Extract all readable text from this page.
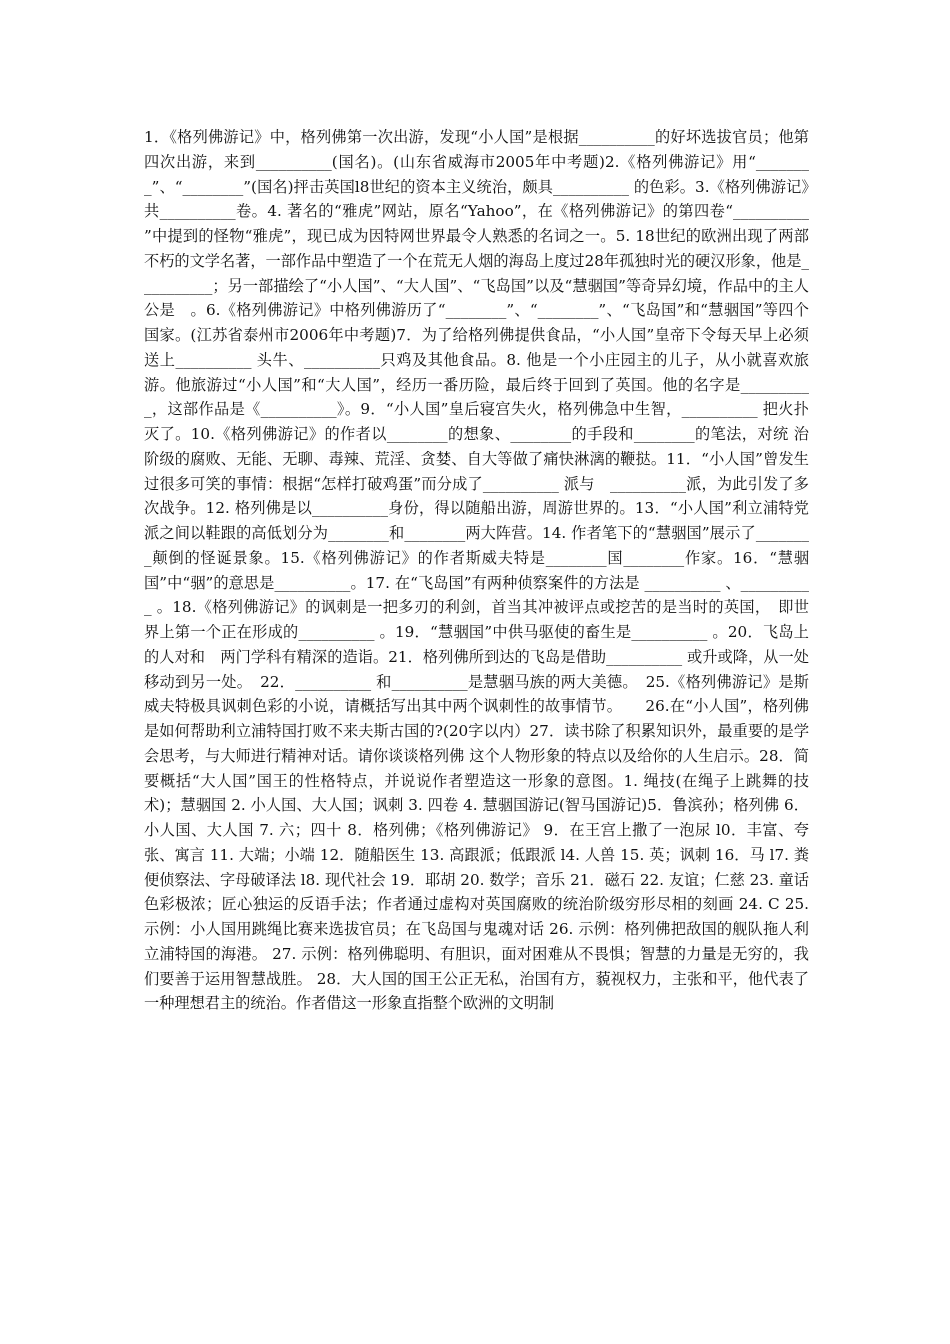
1．《格列佛游记》中，格列佛第一次出游，发现“小人国”是根据__________的好坏选拔官员；他第四次出游，来到__________(国名)。(山东省威海市2005年中考题)2.《格列佛游记》用“________”、“________”(国名)抨击英国l8世纪的资本主义统治，颇具__________ 的色彩。3.《格列佛游记》共__________卷。4. 著名的“雅虎”网站，原名“Yahoo”，在《格列佛游记》的第四卷“__________ ”中提到的怪物“雅虎”，现已成为因特网世界最令人熟悉的名词之一。5. 18世纪的欧洲出现了两部不朽的文学名著，一部作品中塑造了一个在荒无人烟的海岛上度过28年孤独时光的硬汉形象，他是__________；另一部描绘了“小人国”、“大人国”、“飞岛国”以及“慧骃国”等奇异幻境，作品中的主人公是　。6.《格列佛游记》中格列佛游历了“________”、“________”、“飞岛国”和“慧骃国”等四个国家。(江苏省泰州市2006年中考题)7．为了给格列佛提供食品，“小人国”皇帝下令每天早上必须送上__________ 头牛、__________只鸡及其他食品。8. 他是一个小庄园主的儿子，从小就喜欢旅游。他旅游过“小人国”和“大人国”，经历一番历险，最后终于回到了英国。他的名字是__________，这部作品是《__________》。9．“小人国”皇后寝宫失火，格列佛急中生智，__________ 把火扑灭了。10.《格列佛游记》的作者以________的想象、________的手段和________的笔法，对统 治阶级的腐败、无能、无聊、毒辣、荒淫、贪婪、自大等做了痛快淋漓的鞭挞。11．“小人国”曾发生过很多可笑的事情：根据“怎样打破鸡蛋”而分成了__________ 派与　__________派，为此引发了多次战争。12. 格列佛是以__________身份，得以随船出游，周游世界的。13．“小人国”利立浦特党派之间以鞋跟的高低划分为________和________两大阵营。14. 作者笔下的“慧骃国”展示了________颠倒的怪诞景象。15.《格列佛游记》的作者斯威夫特是________国________作家。16．“慧骃国”中“骃”的意思是__________。17. 在“飞岛国”有两种侦察案件的方法是 __________ 、__________ 。18.《格列佛游记》的讽刺是一把多刃的利剑，首当其冲被评点或挖苦的是当时的英国，　即世界上第一个正在形成的__________ 。19．“慧骃国”中供马驱使的畜生是__________ 。20．飞岛上的人对和　两门学科有精深的造诣。21．格列佛所到达的飞岛是借助__________ 或升或降，从一处移动到另一处。　22．__________ 和__________是慧骃马族的两大美德。　25.《格列佛游记》是斯威夫特极具讽刺色彩的小说，请概括写出其中两个讽刺性的故事情节。　　26.在“小人国”，格列佛是如何帮助利立浦特国打败不来夫斯古国的?(20字以内）27．读书除了积累知识外，最重要的是学会思考，与大师进行精神对话。请你谈谈格列佛 这个人物形象的特点以及给你的人生启示。28．简要概括“大人国”国王的性格特点，并说说作者塑造这一形象的意图。1. 绳技(在绳子上跳舞的技术)；慧骃国 2. 小人国、大人国；讽刺 3. 四卷 4. 慧骃国游记(智马国游记)5．鲁滨孙；格列佛 6．小人国、大人国 7. 六；四十 8．格列佛；《格列佛游记》 9．在王宫上撒了一泡尿 l0．丰富、夸张、寓言 11. 大端；小端 12．随船医生 13. 高跟派；低跟派 l4. 人兽 15. 英；讽刺 16．马 l7. 粪便侦察法、字母破译法 l8. 现代社会 19．耶胡 20. 数学；音乐 21．磁石 22. 友谊；仁慈 23. 童话色彩极浓；匠心独运的反语手法；作者通过虚构对英国腐败的统治阶级穷形尽相的刻画 24. C 25. 示例：小人国用跳绳比赛来选拔官员；在飞岛国与鬼魂对话 26. 示例：格列佛把敌国的舰队拖人利立浦特国的海港。 27. 示例：格列佛聪明、有胆识，面对困难从不畏惧；智慧的力量是无穷的，我们要善于运用智慧战胜。 28．大人国的国王公正无私，治国有方，藐视权力，主张和平，他代表了一种理想君主的统治。作者借这一形象直指整个欧洲的文明制
